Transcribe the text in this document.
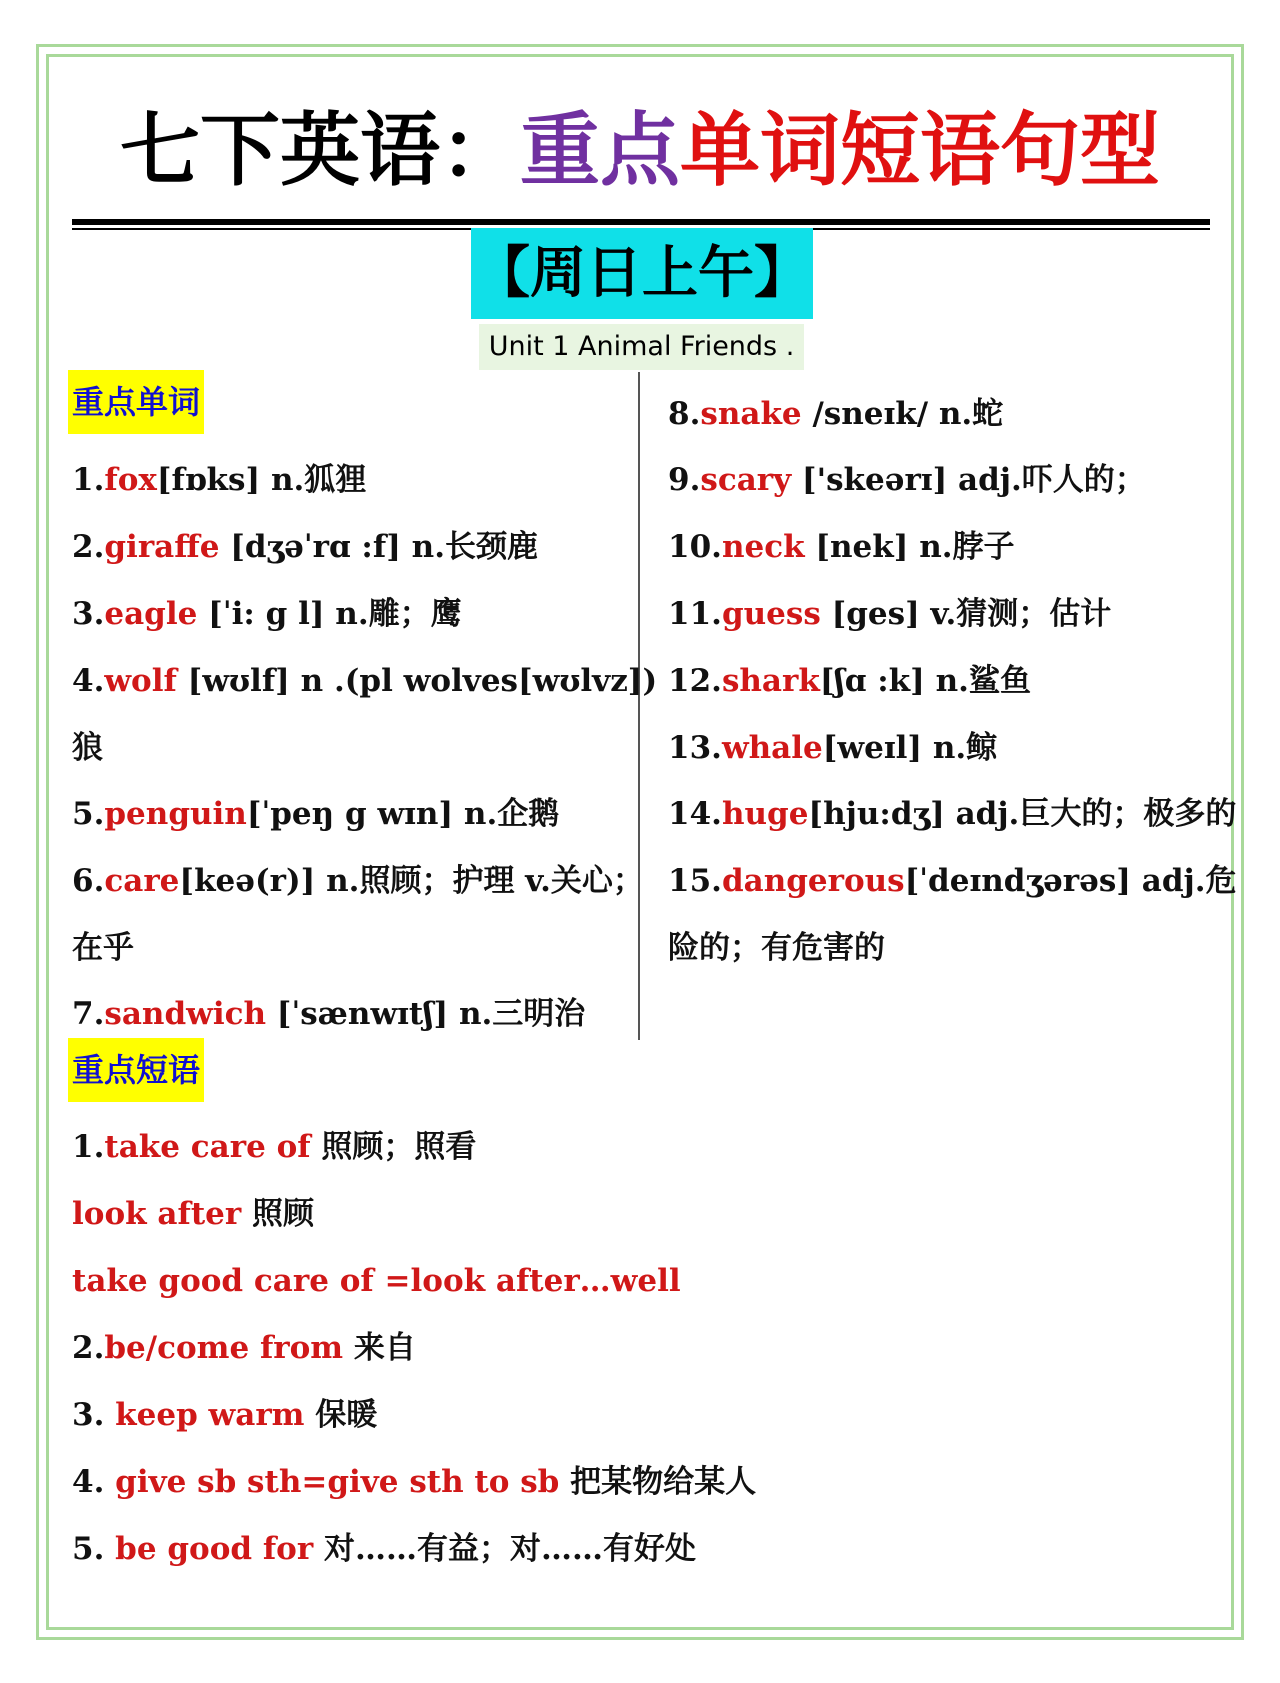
七下英语：重点单词短语句型
【周日上午】
Unit 1 Animal Friends .
重点单词
1.fox[fɒks] n.狐狸
2.giraffe [dʒəˈrɑ :f] n.长颈鹿
3.eagle [ˈi: g l] n.雕；鹰
4.wolf [wʊlf] n .(pl wolves[wʊlvz])
狼
5.penguin[ˈpeŋ g wɪn] n.企鹅
6.care[keə(r)] n.照顾；护理 v.关心；
在乎
7.sandwich [ˈsænwɪtʃ] n.三明治
8.snake /sneɪk/ n.蛇
9.scary ['skeərɪ] adj.吓人的；
10.neck [nek] n.脖子
11.guess [ges] v.猜测；估计
12.shark[ʃɑ :k] n.鲨鱼
13.whale[weɪl] n.鲸
14.huge[hju:dʒ] adj.巨大的；极多的
15.dangerous[ˈdeɪndʒərəs] adj.危
险的；有危害的
重点短语
1.take care of 照顾；照看
look after 照顾
take good care of =look after…well
2.be/come from 来自
3. keep warm 保暖
4. give sb sth=give sth to sb 把某物给某人
5. be good for 对……有益；对……有好处
